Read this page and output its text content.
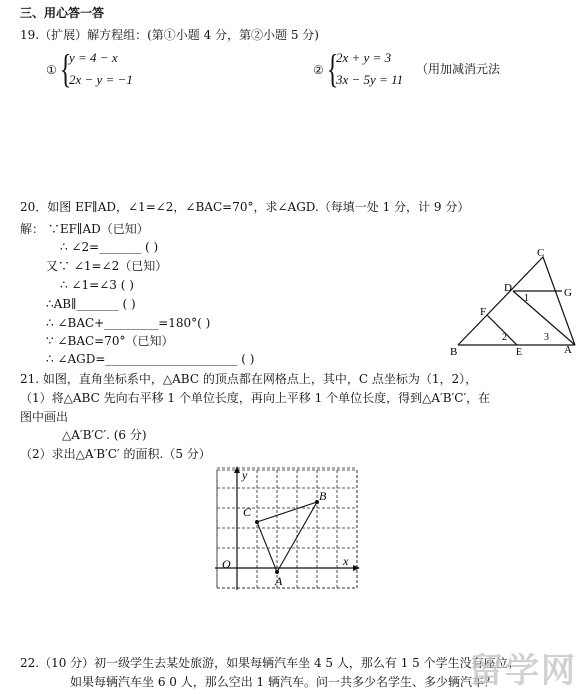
三、用心答一答
19.（扩展）解方程组：(第①小题 4 分，第②小题 5 分)
① {
y = 4 − x
2x − y = −1
② {
2x + y = 3
3x − 5y = 11
（用加减消元法
20．如图 EF∥AD，∠1=∠2，∠BAC=70°，求∠AGD.（每填一处 1 分，计 9 分）
解： ∵EF∥AD（已知）
∴ ∠2=_______ ( )
又∵ ∠1=∠2（已知）
∴ ∠1=∠3 ( )
∴AB∥_______ ( )
∴ ∠BAC+_________=180°( )
∵ ∠BAC=70°（已知）
∴ ∠AGD=______________________ ( )
C
D	G
1
F
2	3
B	E	A
21. 如图，直角坐标系中，△ABC 的顶点都在网格点上，其中，C 点坐标为（1，2），
（1）将△ABC 先向右平移 1 个单位长度，再向上平移 1 个单位长度，得到△A′B′C′，在
图中画出
△A′B′C′. (6 分)
（2）求出△A′B′C′ 的面积.（5 分）
C
B
A
O	x
y
22.（10 分）初一级学生去某处旅游，如果每辆汽车坐 4 5 人，那么有 1 5 个学生没有座位；
如果每辆汽车坐 6 0 人，那么空出 1 辆汽车。问一共多少名学生、多少辆汽车？
留学网
